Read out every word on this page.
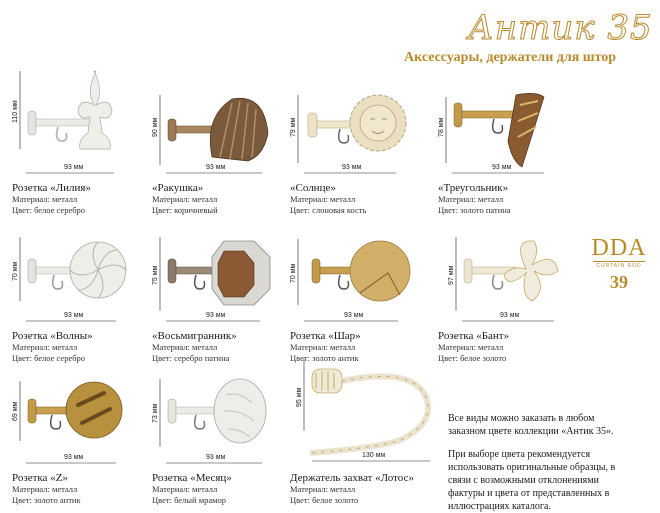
Антик 35
Аксессуары, держатели для штор
110 мм
93 мм
Розетка «Лилия»
Материал: металл
Цвет: белое серебро
90 мм
93 мм
«Ракушка»
Материал: металл
Цвет: коричневый
79 мм
93 мм
«Солнце»
Материал: металл
Цвет: слоновая кость
78 мм
93 мм
«Треугольник»
Материал: металл
Цвет: золото патина
70 мм
93 мм
Розетка «Волны»
Материал: металл
Цвет: белое серебро
75 мм
93 мм
«Восьмигранник»
Материал: металл
Цвет: серебро патина
70 мм
93 мм
Розетка «Шар»
Материал: металл
Цвет: золото антик
97 мм
93 мм
Розетка «Бант»
Материал: металл
Цвет: белое золото
DDA
CURTAIN ROD
39
69 мм
93 мм
Розетка «Z»
Материал: металл
Цвет: золото антик
73 мм
93 мм
Розетка «Месяц»
Материал: металл
Цвет: белый мрамор
95 мм
130 мм
Держатель захват «Лотос»
Материал: металл
Цвет: белое золото
Все виды можно заказать в любом заказном цвете коллекции «Антик 35».
При выборе цвета рекомендуется использовать оригинальные образцы, в связи с возможными отклонениями фактуры и цвета от представленных в иллюстрациях каталога.
